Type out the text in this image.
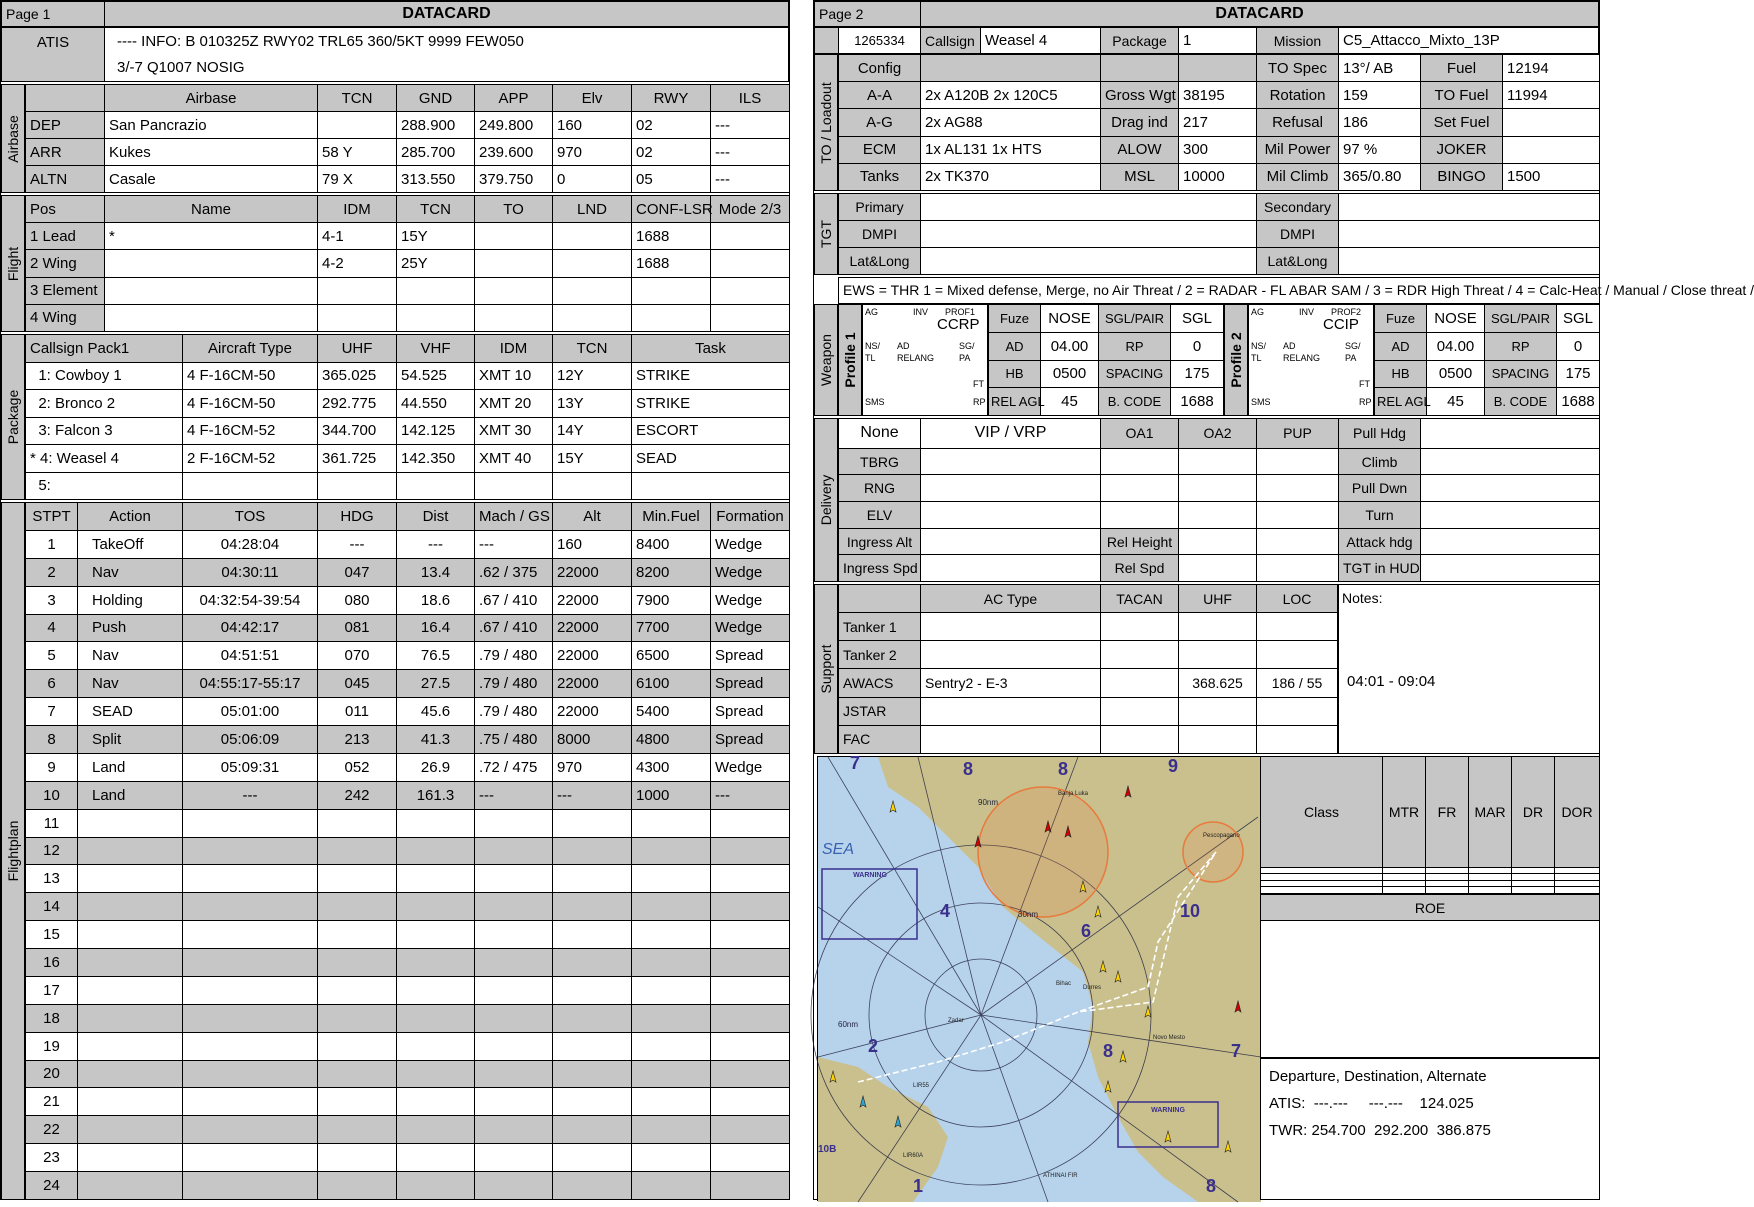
Page 1	DATACARD
ATIS	---- INFO: B 010325Z RWY02 TRL65 360/5KT 9999 FEW050
3/-7 Q1007 NOSIG
Airbase
	Airbase	TCN	GND	APP	Elv	RWY	ILS
DEP	San Pancrazio		288.900	249.800	160	02	---
ARR	Kukes	58 Y	285.700	239.600	970	02	---
ALTN	Casale	79 X	313.550	379.750	0	05	---
Flight
Pos	Name	IDM	TCN	TO	LND	CONF-LSR	Mode 2/3
1 Lead	*	4-1	15Y			1688	
2 Wing		4-2	25Y			1688	
3 Element							
4 Wing							
Package
Callsign Pack1	Aircraft Type	UHF	VHF	IDM	TCN	Task
1: Cowboy 1	4 F-16CM-50	365.025	54.525	XMT 10	12Y	STRIKE
2: Bronco 2	4 F-16CM-50	292.775	44.550	XMT 20	13Y	STRIKE
3: Falcon 3	4 F-16CM-52	344.700	142.125	XMT 30	14Y	ESCORT
* 4: Weasel 4	2 F-16CM-52	361.725	142.350	XMT 40	15Y	SEAD
5:						
Flightplan
STPT	Action	TOS	HDG	Dist	Mach / GS	Alt	Min.Fuel	Formation
1	TakeOff	04:28:04	---	---	---	160	8400	Wedge
2	Nav	04:30:11	047	13.4	.62 / 375	22000	8200	Wedge
3	Holding	04:32:54-39:54	080	18.6	.67 / 410	22000	7900	Wedge
4	Push	04:42:17	081	16.4	.67 / 410	22000	7700	Wedge
5	Nav	04:51:51	070	76.5	.79 / 480	22000	6500	Spread
6	Nav	04:55:17-55:17	045	27.5	.79 / 480	22000	6100	Spread
7	SEAD	05:01:00	011	45.6	.79 / 480	22000	5400	Spread
8	Split	05:06:09	213	41.3	.75 / 480	8000	4800	Spread
9	Land	05:09:31	052	26.9	.72 / 475	970	4300	Wedge
10	Land	---	242	161.3	---	---	1000	---
11								
12								
13								
14								
15								
16								
17								
18								
19								
20								
21								
22								
23								
24								
Page 2	DATACARD
	1265334	Callsign	Weasel 4	Package	1	Mission	C5_Attacco_Mixto_13P
TO / Loadout
Config				TO Spec	13°/ AB	Fuel	12194
A-A	2x A120B 2x 120C5	Gross Wgt	38195	Rotation	159	TO Fuel	11994
A-G	2x AG88	Drag ind	217	Refusal	186	Set Fuel	
ECM	1x AL131 1x HTS	ALOW	300	Mil Power	97 %	JOKER	
Tanks	2x TK370	MSL	10000	Mil Climb	365/0.80	BINGO	1500
TGT
Primary		Secondary	
DMPI		DMPI	
Lat&Long		Lat&Long	
EWS = THR 1 = Mixed defense, Merge, no Air Threat / 2 = RADAR - FL ABAR SAM / 3 = RDR High Threat / 4 = Calc-Heat / Manual / Close threat /
Weapon Profile 1
AG	INV PROF1
CCRP
NS/
TL
AD
RELANG
SG/
PA
FT
SMS	RP
Fuze	NOSE	SGL/PAIR	SGL
AD	04.00	RP	0
HB	0500	SPACING	175
REL AGL	45	B. CODE	1688
Profile 2
AG	INV PROF2
CCIP
NS/
TL
AD
RELANG
SG/
PA
FT
SMS	RP
Fuze	NOSE	SGL/PAIR	SGL
AD	04.00	RP	0
HB	0500	SPACING	175
REL AGL	45	B. CODE	1688
Delivery
None	VIP / VRP	OA1	OA2	PUP	Pull Hdg	
TBRG					Climb	
RNG					Pull Dwn	
ELV					Turn	
Ingress Alt		Rel Height			Attack hdg	
Ingress Spd		Rel Spd			TGT in HUD	
Support
	AC Type	TACAN	UHF	LOC
Tanker 1				
Tanker 2				
AWACS	Sentry2 - E-3		368.625	186 / 55
JSTAR				
FAC				
Notes:
04:01 - 09:04
SEA
WARNING
WARNING
30nm
60nm
90nm
7	8	8	9
4
6
10
2	8	7
1	8
10B
Zadar
Banja Luka
Bihac
Durres
Pescopagano
Novo Mesto
LIR55
LIR60A
ATHINAI FIR
Class	MTR	FR	MAR	DR	DOR

ROE
Departure, Destination, Alternate
ATIS:  ---.---     ---.---    124.025
TWR: 254.700  292.200  386.875
